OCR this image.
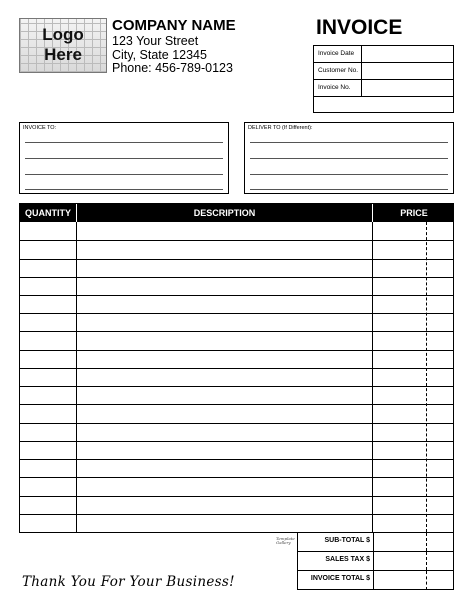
Logo
Here
COMPANY NAME
123 Your Street
City, State 12345
Phone: 456-789-0123
INVOICE
Invoice Date
Customer No.
Invoice No.
INVOICE TO:	DELIVER TO (If Different):
QUANTITY	DESCRIPTION	PRICE
Template Gallery	SUB-TOTAL $
SALES TAX $
INVOICE TOTAL $
Thank You For Your Business!
